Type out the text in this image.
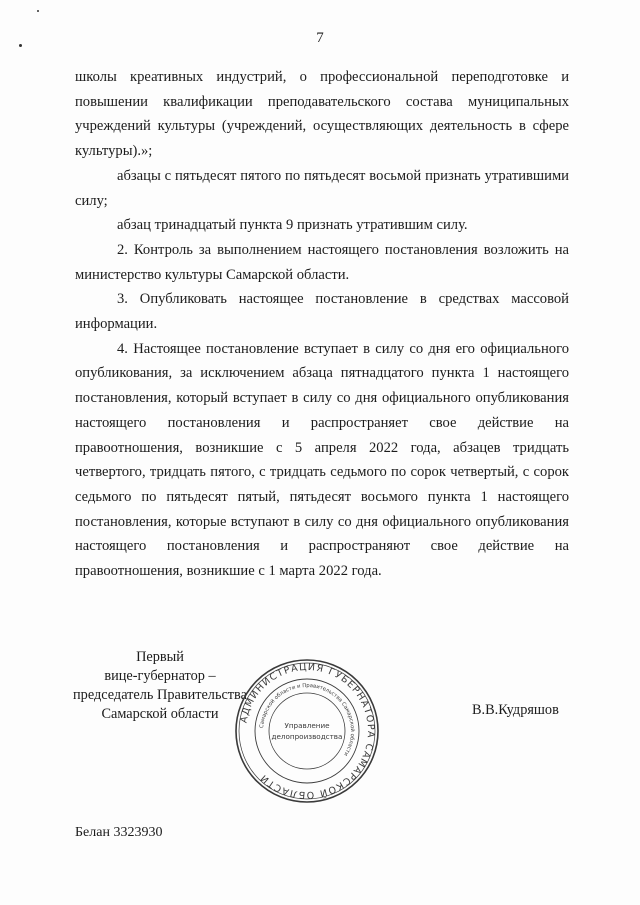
7

школы креативных индустрий, о профессиональной переподготовке и повышении квалификации преподавательского состава муниципальных учреждений культуры (учреждений, осуществляющих деятельность в сфере культуры).»;

абзацы с пятьдесят пятого по пятьдесят восьмой признать утратившими силу;

абзац тринадцатый пункта 9 признать утратившим силу.

2. Контроль за выполнением настоящего постановления возложить на министерство культуры Самарской области.

3. Опубликовать настоящее постановление в средствах массовой информации.

4. Настоящее постановление вступает в силу со дня его официального опубликования, за исключением абзаца пятнадцатого пункта 1 настоящего постановления, который вступает в силу со дня официального опубликования настоящего постановления и распространяет свое действие на правоотношения, возникшие с 5 апреля 2022 года, абзацев тридцать четвертого, тридцать пятого, с тридцать седьмого по сорок четвертый, с сорок седьмого по пятьдесят пятый, пятьдесят восьмого пункта 1 настоящего постановления, которые вступают в силу со дня официального опубликования настоящего постановления и распространяют свое действие на правоотношения, возникшие с 1 марта 2022 года.

Первый
вице-губернатор –
председатель Правительства
Самарской области	АДМИНИСТРАЦИЯ ГУБЕРНАТОРА САМАРСКОЙ ОБЛАСТИ
Самарской области и Правительства Самарской области
Управление
делопроизводства
В.В.Кудряшов
Белан 3323930
